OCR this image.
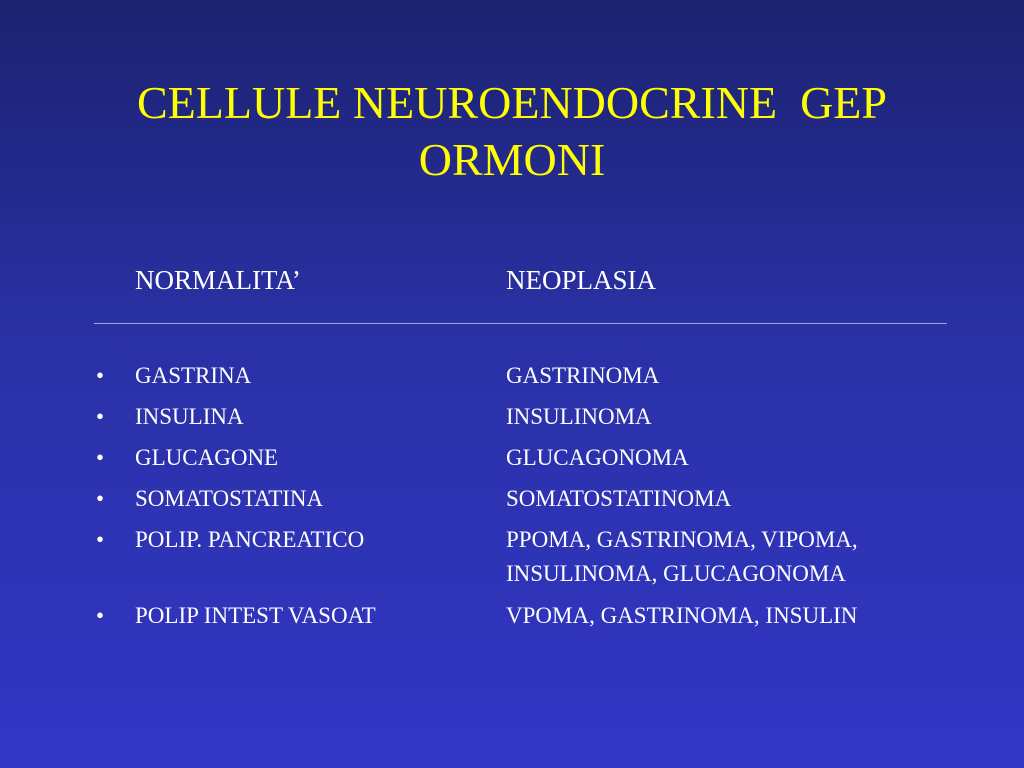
CELLULE NEUROENDOCRINE  GEP
ORMONI
NORMALITA’	NEOPLASIA
• GASTRINA	GASTRINOMA
• INSULINA	INSULINOMA
• GLUCAGONE	GLUCAGONOMA
• SOMATOSTATINA	SOMATOSTATINOMA
• POLIP. PANCREATICO	PPOMA, GASTRINOMA, VIPOMA,
INSULINOMA, GLUCAGONOMA
• POLIP INTEST VASOAT	VPOMA, GASTRINOMA, INSULIN
